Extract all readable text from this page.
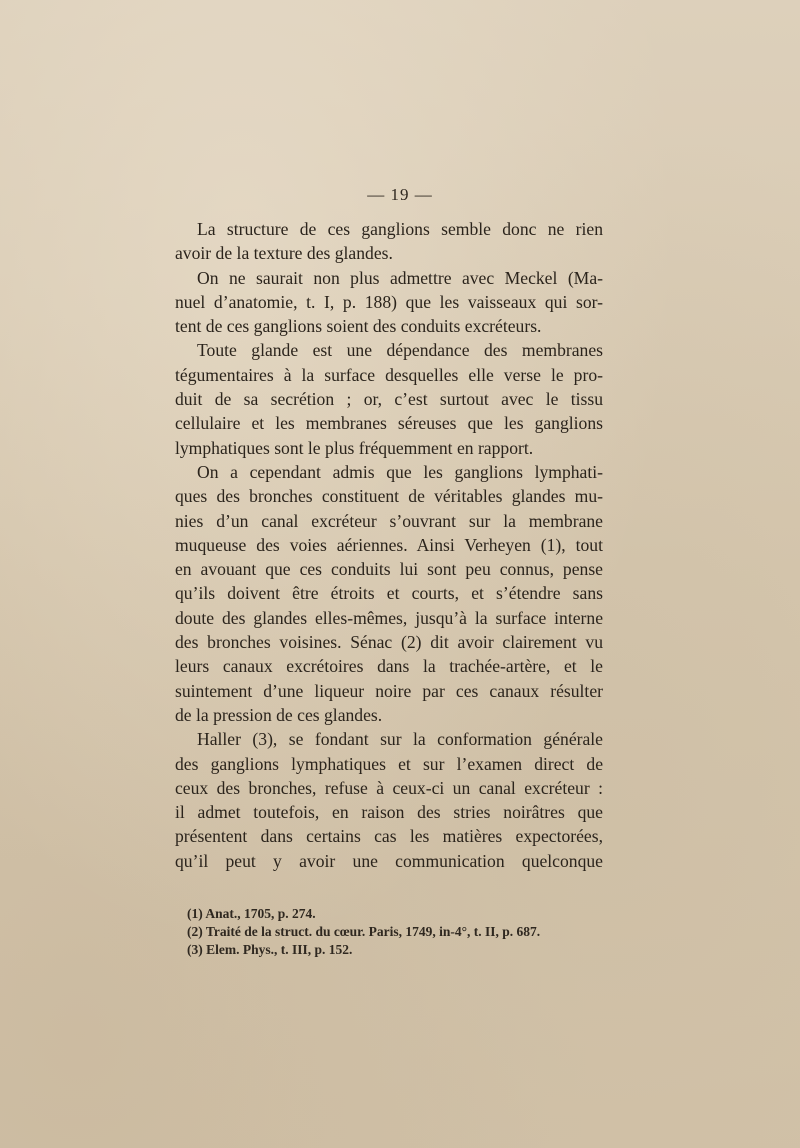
— 19 —
La structure de ces ganglions semble donc ne rien
avoir de la texture des glandes.
On ne saurait non plus admettre avec Meckel (Ma-
nuel d’anatomie, t. I, p. 188) que les vaisseaux qui sor-
tent de ces ganglions soient des conduits excréteurs.
Toute glande est une dépendance des membranes
tégumentaires à la surface desquelles elle verse le pro-
duit de sa secrétion ; or, c’est surtout avec le tissu
cellulaire et les membranes séreuses que les ganglions
lymphatiques sont le plus fréquemment en rapport.
On a cependant admis que les ganglions lymphati-
ques des bronches constituent de véritables glandes mu-
nies d’un canal excréteur s’ouvrant sur la membrane
muqueuse des voies aériennes. Ainsi Verheyen (1), tout
en avouant que ces conduits lui sont peu connus, pense
qu’ils doivent être étroits et courts, et s’étendre sans
doute des glandes elles-mêmes, jusqu’à la surface interne
des bronches voisines. Sénac (2) dit avoir clairement vu
leurs canaux excrétoires dans la trachée-artère, et le
suintement d’une liqueur noire par ces canaux résulter
de la pression de ces glandes.
Haller (3), se fondant sur la conformation générale
des ganglions lymphatiques et sur l’examen direct de
ceux des bronches, refuse à ceux-ci un canal excréteur :
il admet toutefois, en raison des stries noirâtres que
présentent dans certains cas les matières expectorées,
qu’il peut y avoir une communication quelconque
(1) Anat., 1705, p. 274.
(2) Traité de la struct. du cœur. Paris, 1749, in-4°, t. II, p. 687.
(3) Elem. Phys., t. III, p. 152.
